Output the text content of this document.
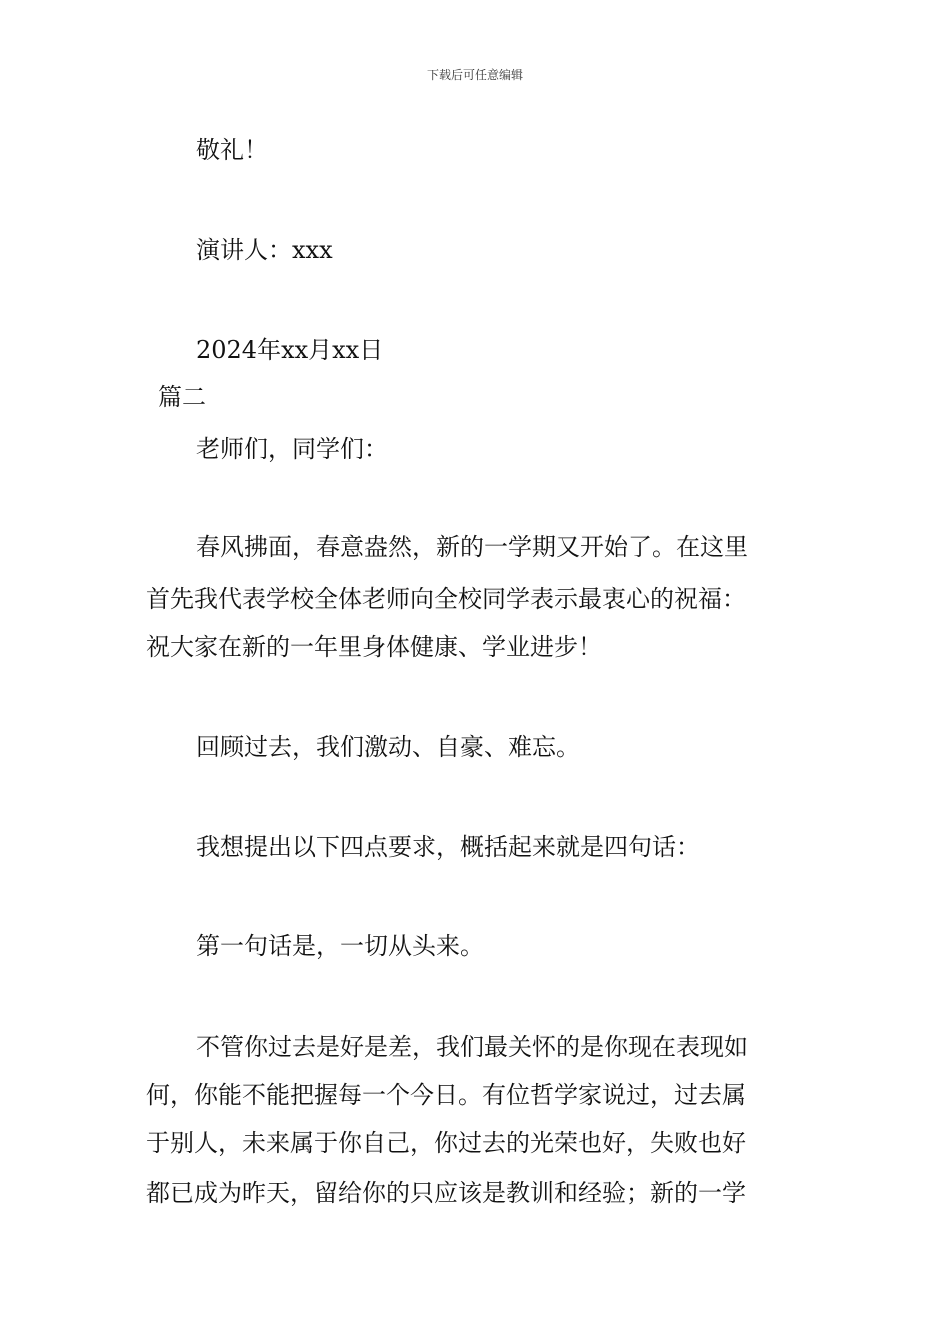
下载后可任意编辑
敬礼！
演讲人：xxx
2024年xx月xx日
篇二
老师们，同学们：
春风拂面，春意盎然，新的一学期又开始了。在这里
首先我代表学校全体老师向全校同学表示最衷心的祝福：
祝大家在新的一年里身体健康、学业进步！
回顾过去，我们激动、自豪、难忘。
我想提出以下四点要求，概括起来就是四句话：
第一句话是，一切从头来。
不管你过去是好是差，我们最关怀的是你现在表现如
何，你能不能把握每一个今日。有位哲学家说过，过去属
于别人，未来属于你自己，你过去的光荣也好，失败也好
都已成为昨天，留给你的只应该是教训和经验；新的一学
